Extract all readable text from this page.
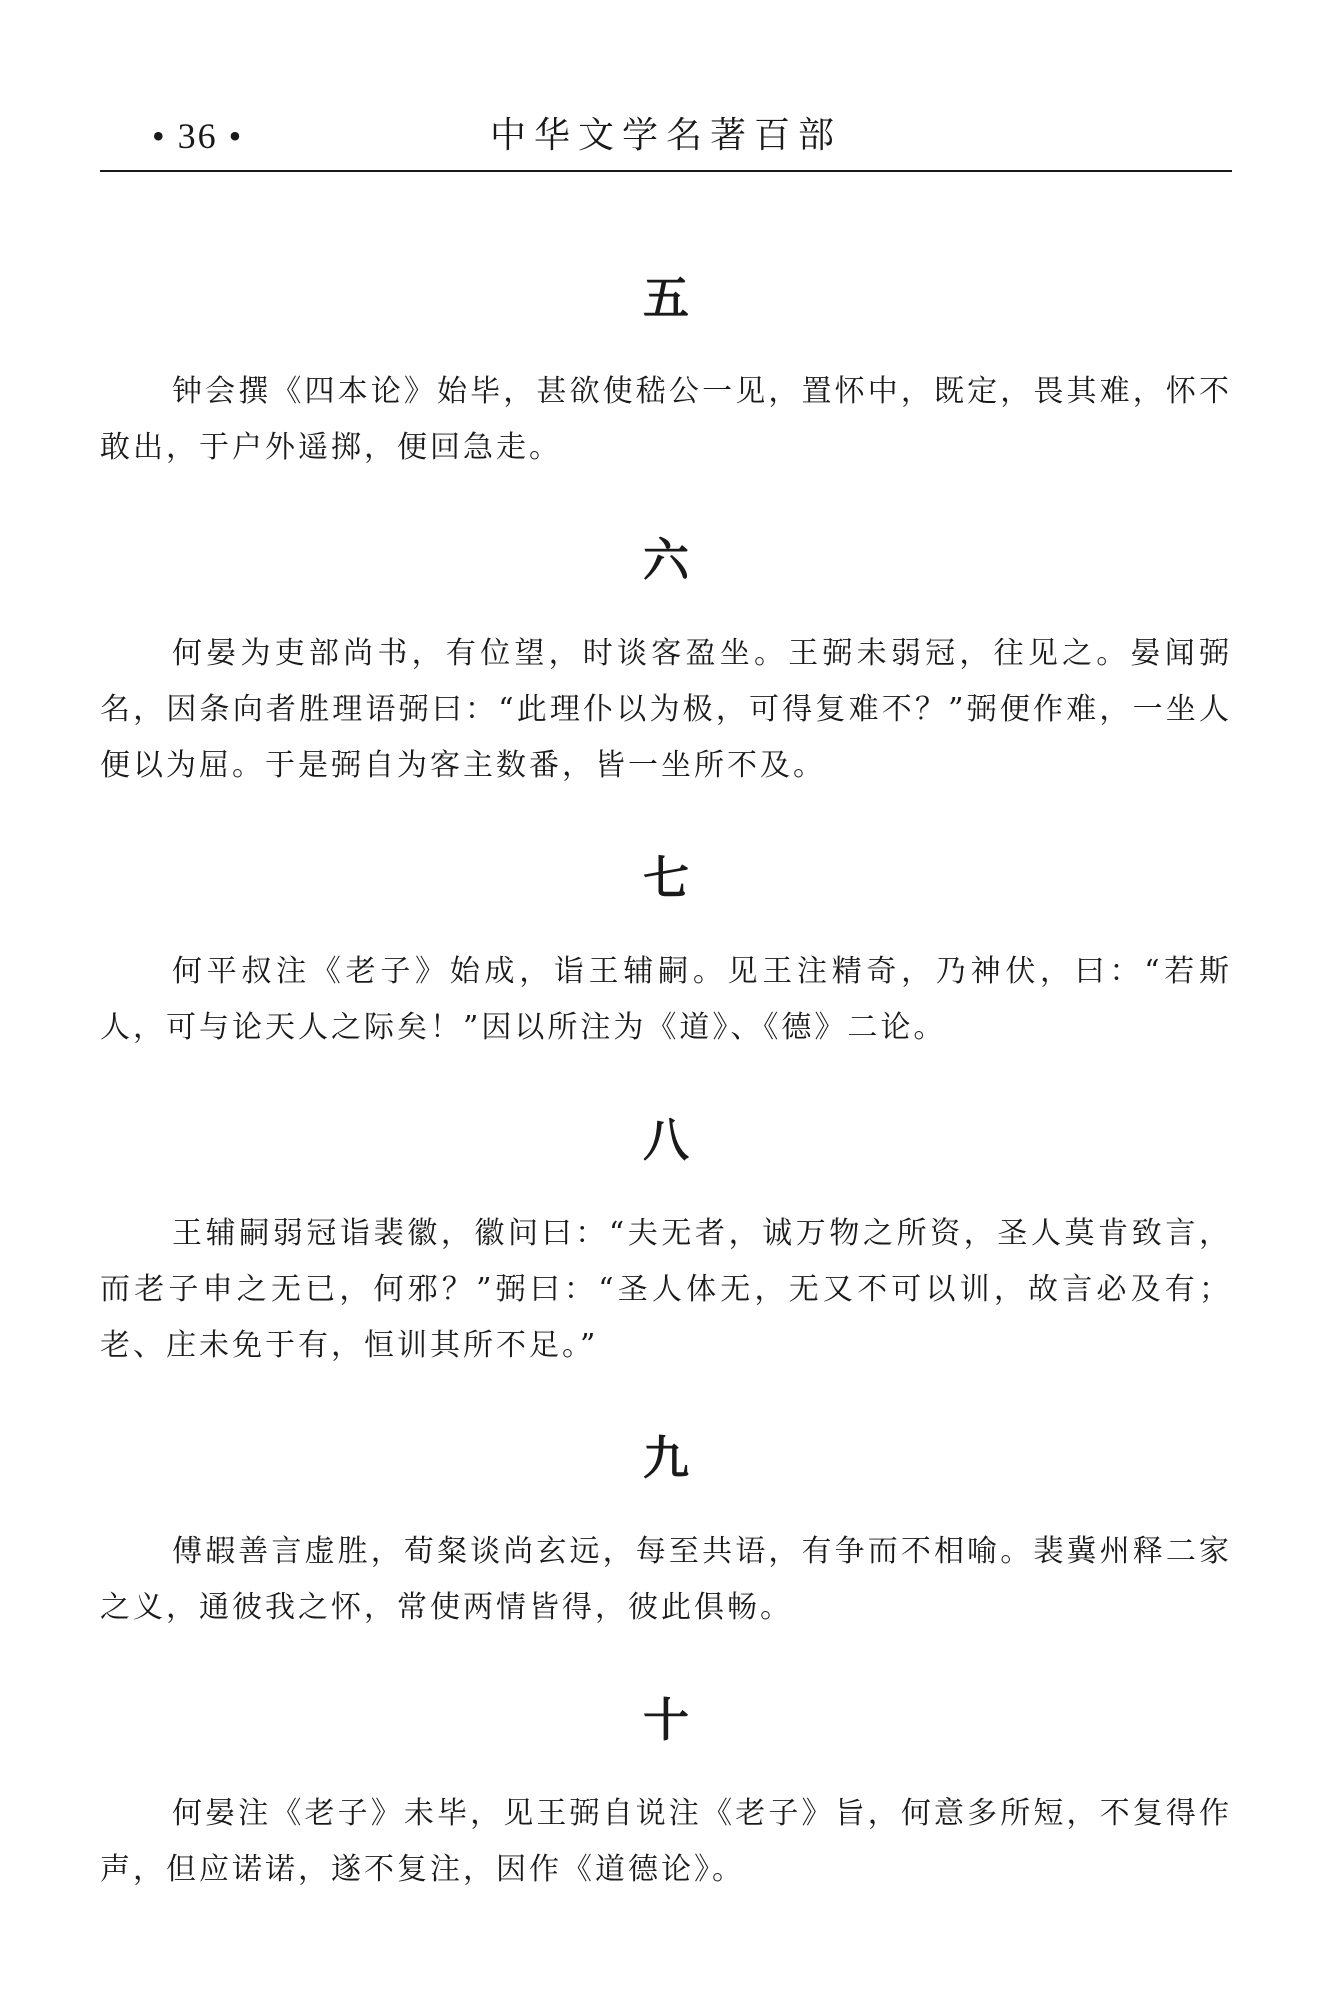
• 36 •	中华文学名著百部
五

钟会撰《四本论》始毕，甚欲使嵇公一见，置怀中，既定，畏其难，怀不敢出，于户外遥掷，便回急走。

六

何晏为吏部尚书，有位望，时谈客盈坐。王弼未弱冠，往见之。晏闻弼名，因条向者胜理语弼曰：“此理仆以为极，可得复难不？”弼便作难，一坐人便以为屈。于是弼自为客主数番，皆一坐所不及。

七

何平叔注《老子》始成，诣王辅嗣。见王注精奇，乃神伏，曰：“若斯人，可与论天人之际矣！”因以所注为《道》、《德》二论。

八

王辅嗣弱冠诣裴徽，徽问曰：“夫无者，诚万物之所资，圣人莫肯致言，而老子申之无已，何邪？”弼曰：“圣人体无，无又不可以训，故言必及有；老、庄未免于有，恒训其所不足。”

九

傅嘏善言虚胜，荀粲谈尚玄远，每至共语，有争而不相喻。裴冀州释二家之义，通彼我之怀，常使两情皆得，彼此俱畅。

十

何晏注《老子》未毕，见王弼自说注《老子》旨，何意多所短，不复得作声，但应诺诺，遂不复注，因作《道德论》。
